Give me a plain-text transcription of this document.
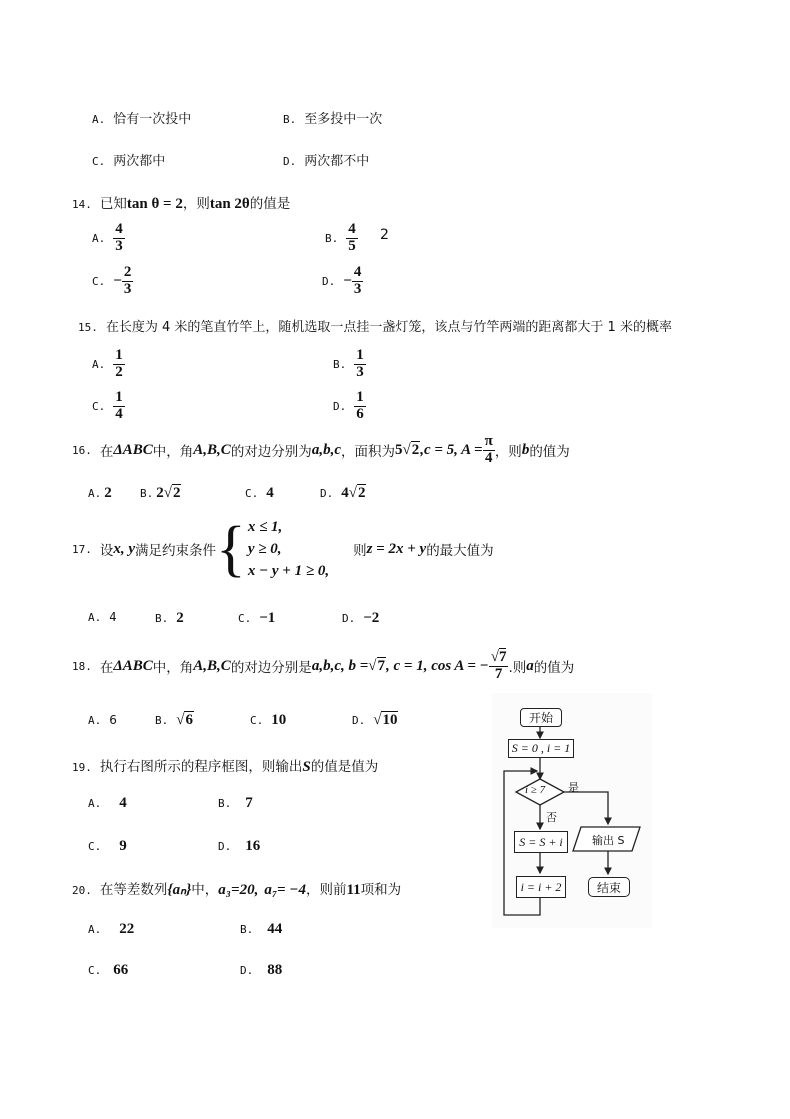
A. 恰有一次投中	B. 至多投中一次
C. 两次都中	D. 两次都不中
14. 已知tan θ = 2，则tan 2θ的值是
A. $\frac{4}{3}$	B. $\frac{4}{5} 2$
C. − $\frac{2}{3}$	D. − $\frac{4}{3}$
15. 在长度为 4 米的笔直竹竿上，随机选取一点挂一盏灯笼，该点与竹竿两端的距离都大于 1 米的概率
A. $\frac{1}{2}$	B. $\frac{1}{3}$
C. $\frac{1}{4}$	D. $\frac{1}{6}$
16. 在 ΔABC 中，角 A,B,C 的对边分别为 a,b,c ，面积为 5√2 ,c = 5, $A = \frac{\pi}{4}$ ，则 b 的值为
A. 2	B. 2√2	C. 4	D. 4√2
17. 设 x, y 满足约束条件 { x ≤ 1,
y ≥ 0,
x − y + 1 ≥ 0,
则 z = 2x + y 的最大值为
A. 4	B. 2	C. −1	D. −2
18. 在 ΔABC 中，角 A,B,C 的对边分别是 a,b,c, b = √7 , c = 1, cos A = − $\frac{√7}{7}$ .则 a 的值为
A. 6	B. √6	C. 10	D. √10
19. 执行右图所示的程序框图，则输出S的值是值为
A. 4	B. 7
C. 9	D. 16
20. 在等差数列{aₙ}中，a₃=20, a₇= −4，则前11项和为
A. 22	B. 44
C. 66	D. 88
开始
S = 0 , i = 1
i ≥ 7 是
否
S = S + i	输出 S
i = i + 2	结束
